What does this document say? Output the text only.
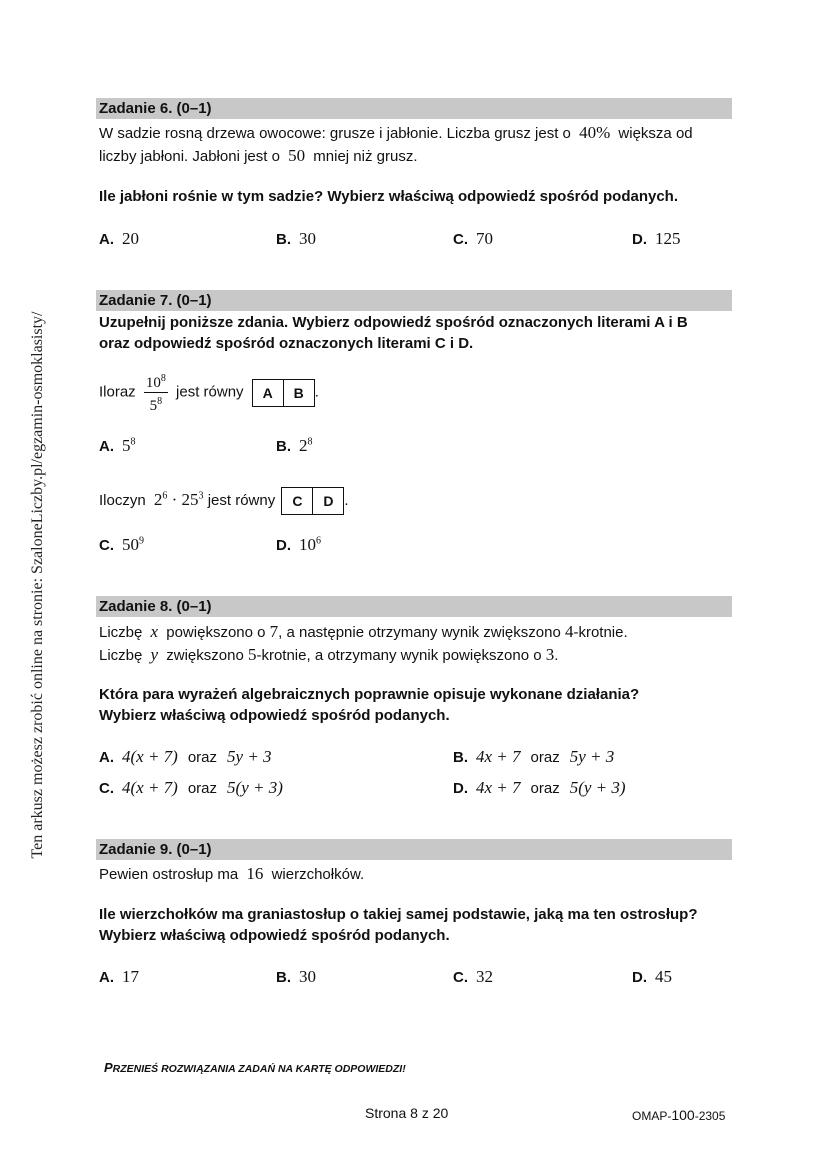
Ten arkusz możesz zrobić online na stronie: SzaloneLiczby.pl/egzamin-osmoklasisty/
Zadanie 6. (0–1)
W sadzie rosną drzewa owocowe: grusze i jabłonie. Liczba grusz jest o 40% większa od
liczby jabłoni. Jabłoni jest o 50 mniej niż grusz.
Ile jabłoni rośnie w tym sadzie? Wybierz właściwą odpowiedź spośród podanych.
A. 20	B. 30	C. 70	D. 125
Zadanie 7. (0–1)
Uzupełnij poniższe zdania. Wybierz odpowiedź spośród oznaczonych literami A i B
oraz odpowiedź spośród oznaczonych literami C i D.
Iloraz $\frac{10^8}{5^8}$ jest równy	A	B .
A. $5^8$	B. $2^8$
Iloczyn $2^6 \cdot 25^3$ jest równy	C	D .
C. $50^9$	D. $10^6$
Zadanie 8. (0–1)
Liczbę x powiększono o 7, a następnie otrzymany wynik zwiększono 4-krotnie.
Liczbę y zwiększono 5-krotnie, a otrzymany wynik powiększono o 3.
Która para wyrażeń algebraicznych poprawnie opisuje wykonane działania?
Wybierz właściwą odpowiedź spośród podanych.
A. 4(x + 7) oraz 5y + 3	B. 4x + 7 oraz 5y + 3
C. 4(x + 7) oraz 5(y + 3)	D. 4x + 7 oraz 5(y + 3)
Zadanie 9. (0–1)
Pewien ostrosłup ma 16 wierzchołków.
Ile wierzchołków ma graniastosłup o takiej samej podstawie, jaką ma ten ostrosłup?
Wybierz właściwą odpowiedź spośród podanych.
A. 17	B. 30	C. 32	D. 45
PRZENIEŚ ROZWIĄZANIA ZADAŃ NA KARTĘ ODPOWIEDZI!
Strona 8 z 20	OMAP-100-2305
